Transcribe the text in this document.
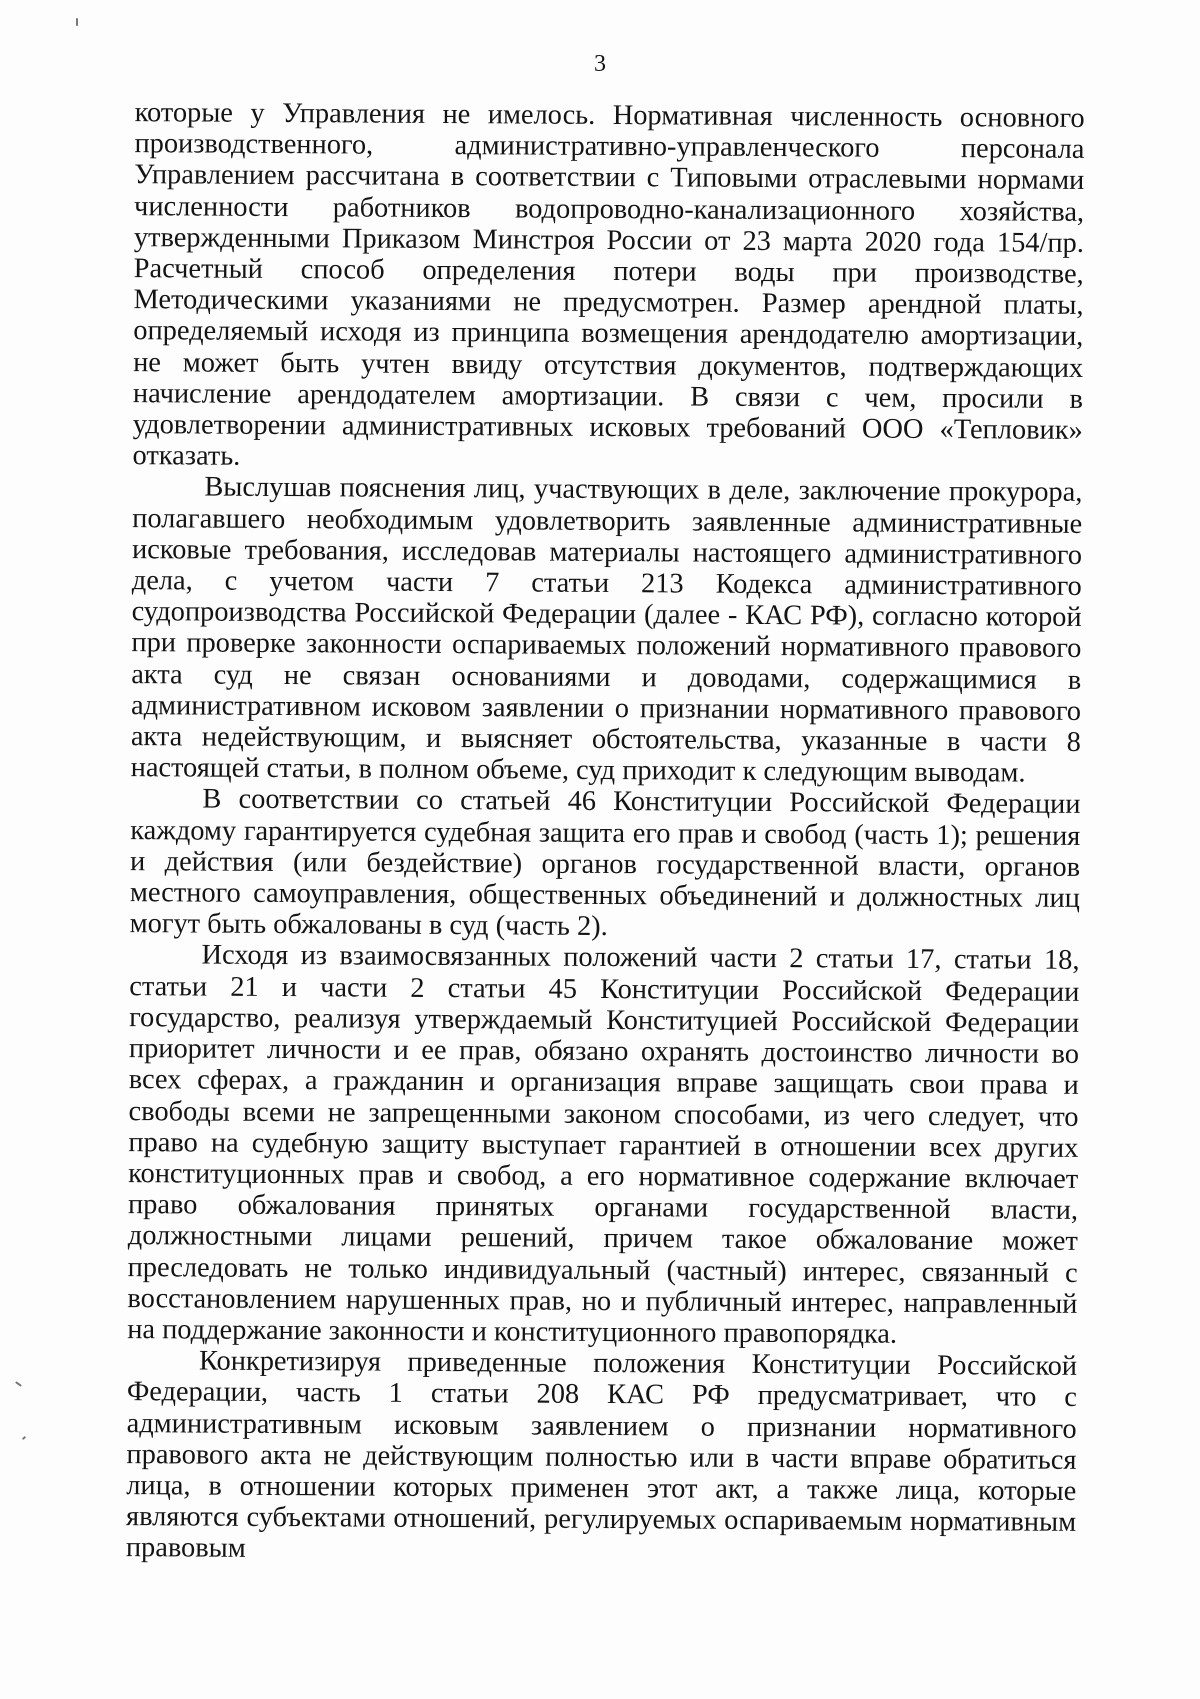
3

которые у Управления не имелось. Нормативная численность основного производственного, административно-управленческого персонала Управлением рассчитана в соответствии с Типовыми отраслевыми нормами численности работников водопроводно-канализационного хозяйства, утвержденными Приказом Минстроя России от 23 марта 2020 года 154/пр. Расчетный способ определения потери воды при производстве, Методическими указаниями не предусмотрен. Размер арендной платы, определяемый исходя из принципа возмещения арендодателю амортизации, не может быть учтен ввиду отсутствия документов, подтверждающих начисление арендодателем амортизации. В связи с чем, просили в удовлетворении административных исковых требований ООО «Тепловик» отказать.

Выслушав пояснения лиц, участвующих в деле, заключение прокурора, полагавшего необходимым удовлетворить заявленные административные исковые требования, исследовав материалы настоящего административного дела, с учетом части 7 статьи 213 Кодекса административного судопроизводства Российской Федерации (далее - КАС РФ), согласно которой при проверке законности оспариваемых положений нормативного правового акта суд не связан основаниями и доводами, содержащимися в административном исковом заявлении о признании нормативного правового акта недействующим, и выясняет обстоятельства, указанные в части 8 настоящей статьи, в полном объеме, суд приходит к следующим выводам.

В соответствии со статьей 46 Конституции Российской Федерации каждому гарантируется судебная защита его прав и свобод (часть 1); решения и действия (или бездействие) органов государственной власти, органов местного самоуправления, общественных объединений и должностных лиц могут быть обжалованы в суд (часть 2).

Исходя из взаимосвязанных положений части 2 статьи 17, статьи 18, статьи 21 и части 2 статьи 45 Конституции Российской Федерации государство, реализуя утверждаемый Конституцией Российской Федерации приоритет личности и ее прав, обязано охранять достоинство личности во всех сферах, а гражданин и организация вправе защищать свои права и свободы всеми не запрещенными законом способами, из чего следует, что право на судебную защиту выступает гарантией в отношении всех других конституционных прав и свобод, а его нормативное содержание включает право обжалования принятых органами государственной власти, должностными лицами решений, причем такое обжалование может преследовать не только индивидуальный (частный) интерес, связанный с восстановлением нарушенных прав, но и публичный интерес, направленный на поддержание законности и конституционного правопорядка.

Конкретизируя приведенные положения Конституции Российской Федерации, часть 1 статьи 208 КАС РФ предусматривает, что с административным исковым заявлением о признании нормативного правового акта не действующим полностью или в части вправе обратиться лица, в отношении которых применен этот акт, а также лица, которые являются субъектами отношений, регулируемых оспариваемым нормативным правовым
